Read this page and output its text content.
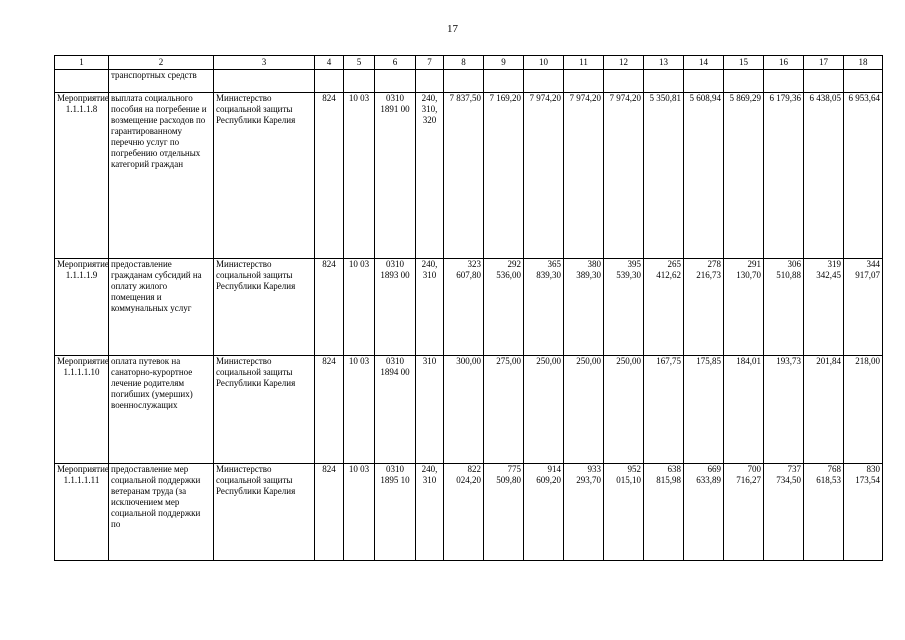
17
1	2	3	4	5	6	7	8	9	10	11	12	13	14	15	16	17	18
	транспортных средств																
Мероприятие 1.1.1.1.8	выплата социального пособия на погребение и возмещение расходов по гарантированному перечню услуг по погребению отдельных категорий граждан	Министерство социальной защиты Республики Карелия	824	10 03	0310 1891 00	240, 310, 320	7 837,50	7 169,20	7 974,20	7 974,20	7 974,20	5 350,81	5 608,94	5 869,29	6 179,36	6 438,05	6 953,64
Мероприятие 1.1.1.1.9	предоставление гражданам субсидий на оплату жилого помещения и коммунальных услуг	Министерство социальной защиты Республики Карелия	824	10 03	0310 1893 00	240, 310	323 607,80	292 536,00	365 839,30	380 389,30	395 539,30	265 412,62	278 216,73	291 130,70	306 510,88	319 342,45	344 917,07
Мероприятие 1.1.1.1.10	оплата путевок на санаторно-курортное лечение родителям погибших (умерших) военнослужащих	Министерство социальной защиты Республики Карелия	824	10 03	0310 1894 00	310	300,00	275,00	250,00	250,00	250,00	167,75	175,85	184,01	193,73	201,84	218,00
Мероприятие 1.1.1.1.11	предоставление мер социальной поддержки ветеранам труда (за исключением мер социальной поддержки по	Министерство социальной защиты Республики Карелия	824	10 03	0310 1895 10	240, 310	822 024,20	775 509,80	914 609,20	933 293,70	952 015,10	638 815,98	669 633,89	700 716,27	737 734,50	768 618,53	830 173,54
